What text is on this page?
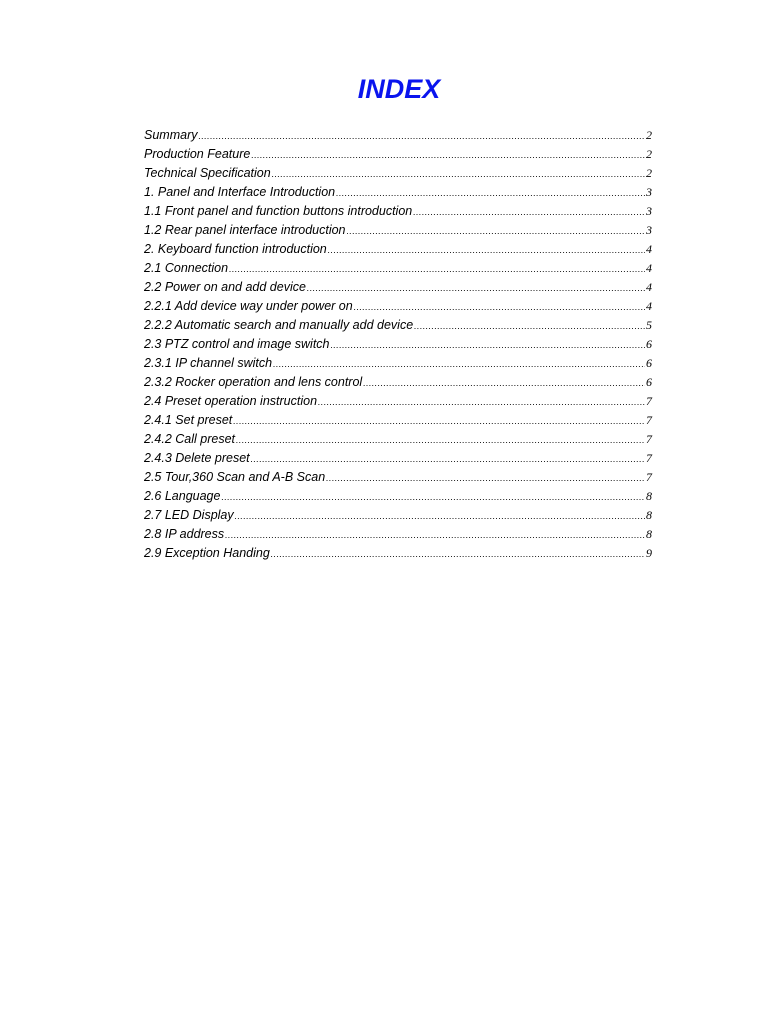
INDEX
Summary .....	2
Production Feature .....	2
Technical Specification .....	2
1. Panel and Interface Introduction .....	3
1.1 Front panel and function buttons introduction .....	3
1.2 Rear panel interface introduction .....	3
2. Keyboard function introduction .....	4
2.1 Connection .....	4
2.2 Power on and add device .....	4
2.2.1 Add device way under power on .....	4
2.2.2 Automatic search and manually add device .....	5
2.3 PTZ control and image switch .....	6
2.3.1 IP channel switch .....	6
2.3.2 Rocker operation and lens control .....	6
2.4 Preset operation instruction .....	7
2.4.1 Set preset .....	7
2.4.2 Call preset .....	7
2.4.3 Delete preset .....	7
2.5 Tour,360 Scan and A-B Scan .....	7
2.6 Language .....	8
2.7 LED Display .....	8
2.8 IP address .....	8
2.9 Exception Handing .....	9
